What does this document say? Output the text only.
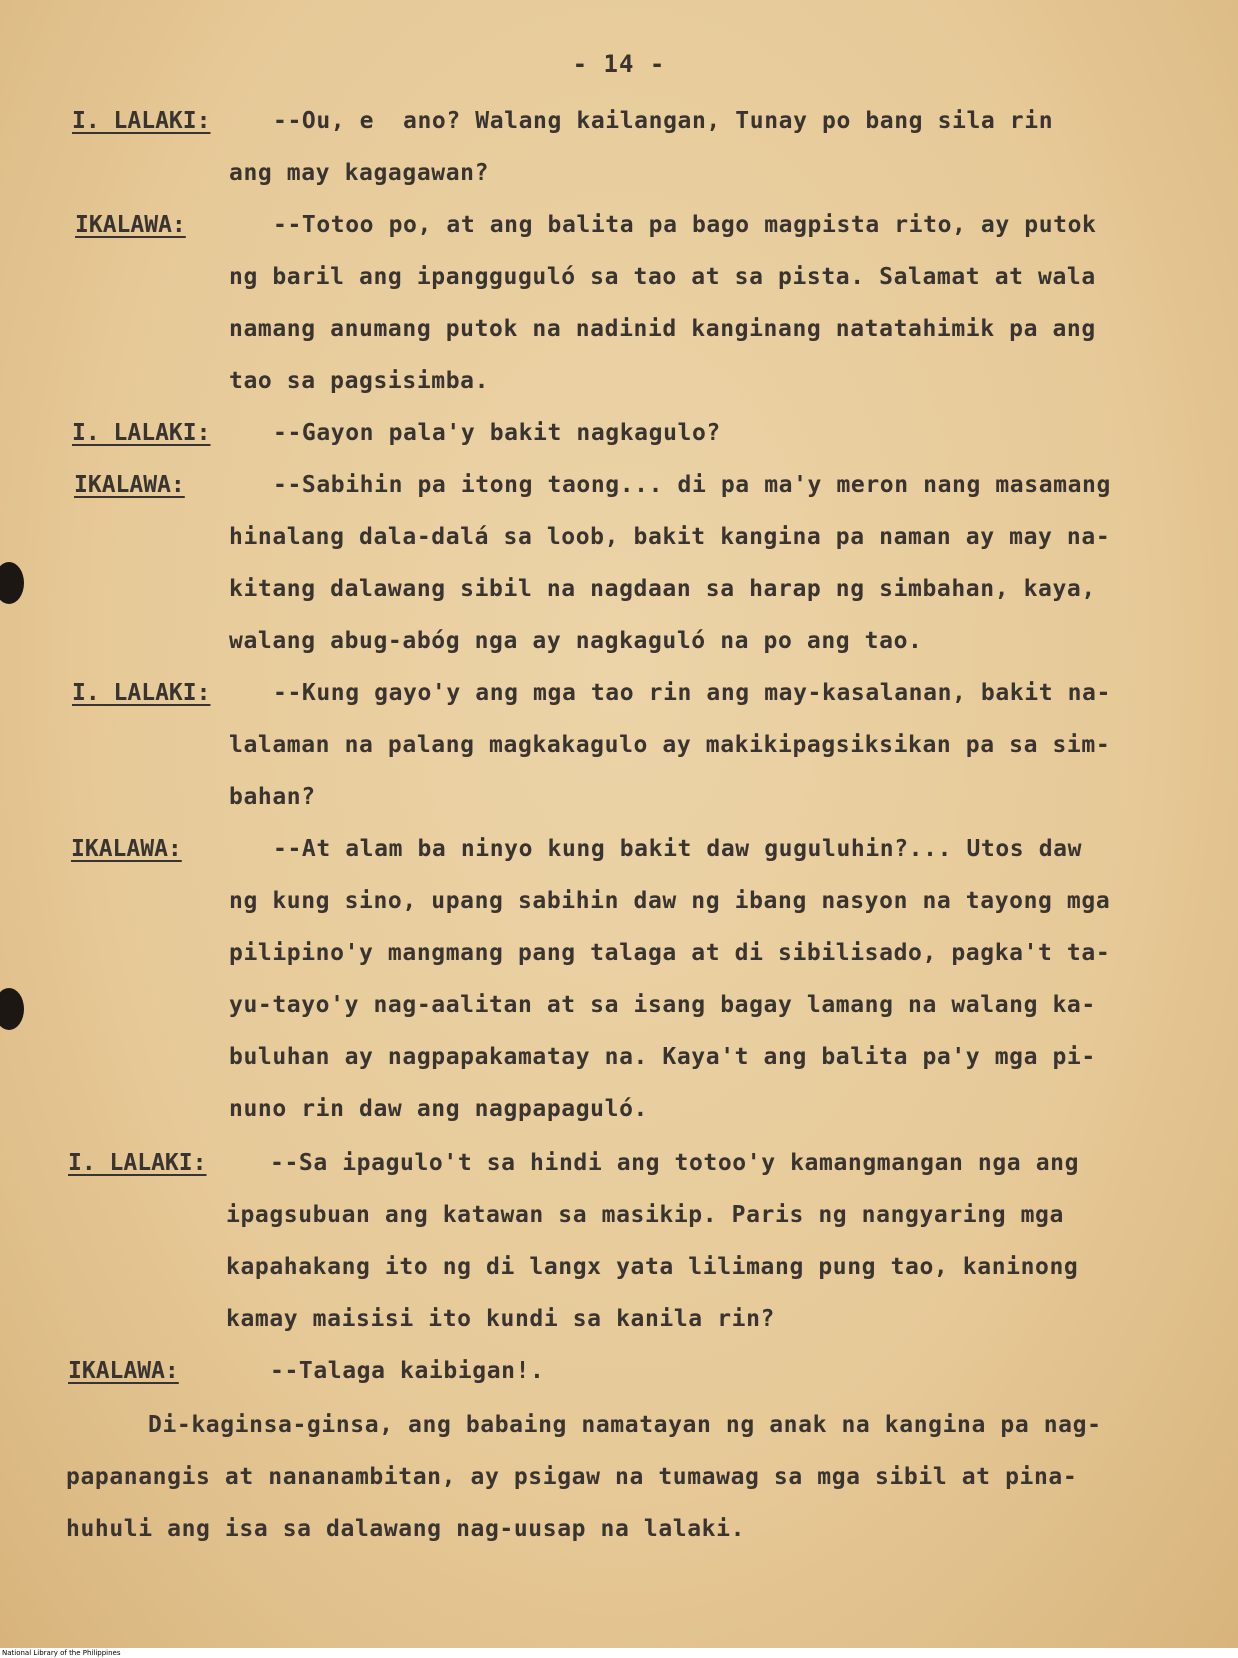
- 14 -
I. LALAKI:	--Ou, e  ano? Walang kailangan, Tunay po bang sila rin
ang may kagagawan?
IKALAWA:	--Totoo po, at ang balita pa bago magpista rito, ay putok
ng baril ang ipangguguló sa tao at sa pista. Salamat at wala
namang anumang putok na nadinid kanginang natatahimik pa ang
tao sa pagsisimba.
I. LALAKI:	--Gayon pala'y bakit nagkagulo?
IKALAWA:	--Sabihin pa itong taong... di pa ma'y meron nang masamang
hinalang dala-dalá sa loob, bakit kangina pa naman ay may na-
kitang dalawang sibil na nagdaan sa harap ng simbahan, kaya,
walang abug-abóg nga ay nagkaguló na po ang tao.
I. LALAKI:	--Kung gayo'y ang mga tao rin ang may-kasalanan, bakit na-
lalaman na palang magkakagulo ay makikipagsiksikan pa sa sim-
bahan?
IKALAWA:	--At alam ba ninyo kung bakit daw guguluhin?... Utos daw
ng kung sino, upang sabihin daw ng ibang nasyon na tayong mga
pilipino'y mangmang pang talaga at di sibilisado, pagka't ta-
yu-tayo'y nag-aalitan at sa isang bagay lamang na walang ka-
buluhan ay nagpapakamatay na. Kaya't ang balita pa'y mga pi-
nuno rin daw ang nagpapaguló.
I. LALAKI:	--Sa ipagulo't sa hindi ang totoo'y kamangmangan nga ang
ipagsubuan ang katawan sa masikip. Paris ng nangyaring mga
kapahakang ito ng di langx yata lilimang pung tao, kaninong
kamay maisisi ito kundi sa kanila rin?
IKALAWA:	--Talaga kaibigan!.
Di-kaginsa-ginsa, ang babaing namatayan ng anak na kangina pa nag-
papanangis at nananambitan, ay psigaw na tumawag sa mga sibil at pina-
huhuli ang isa sa dalawang nag-uusap na lalaki.
National Library of the Philippines
